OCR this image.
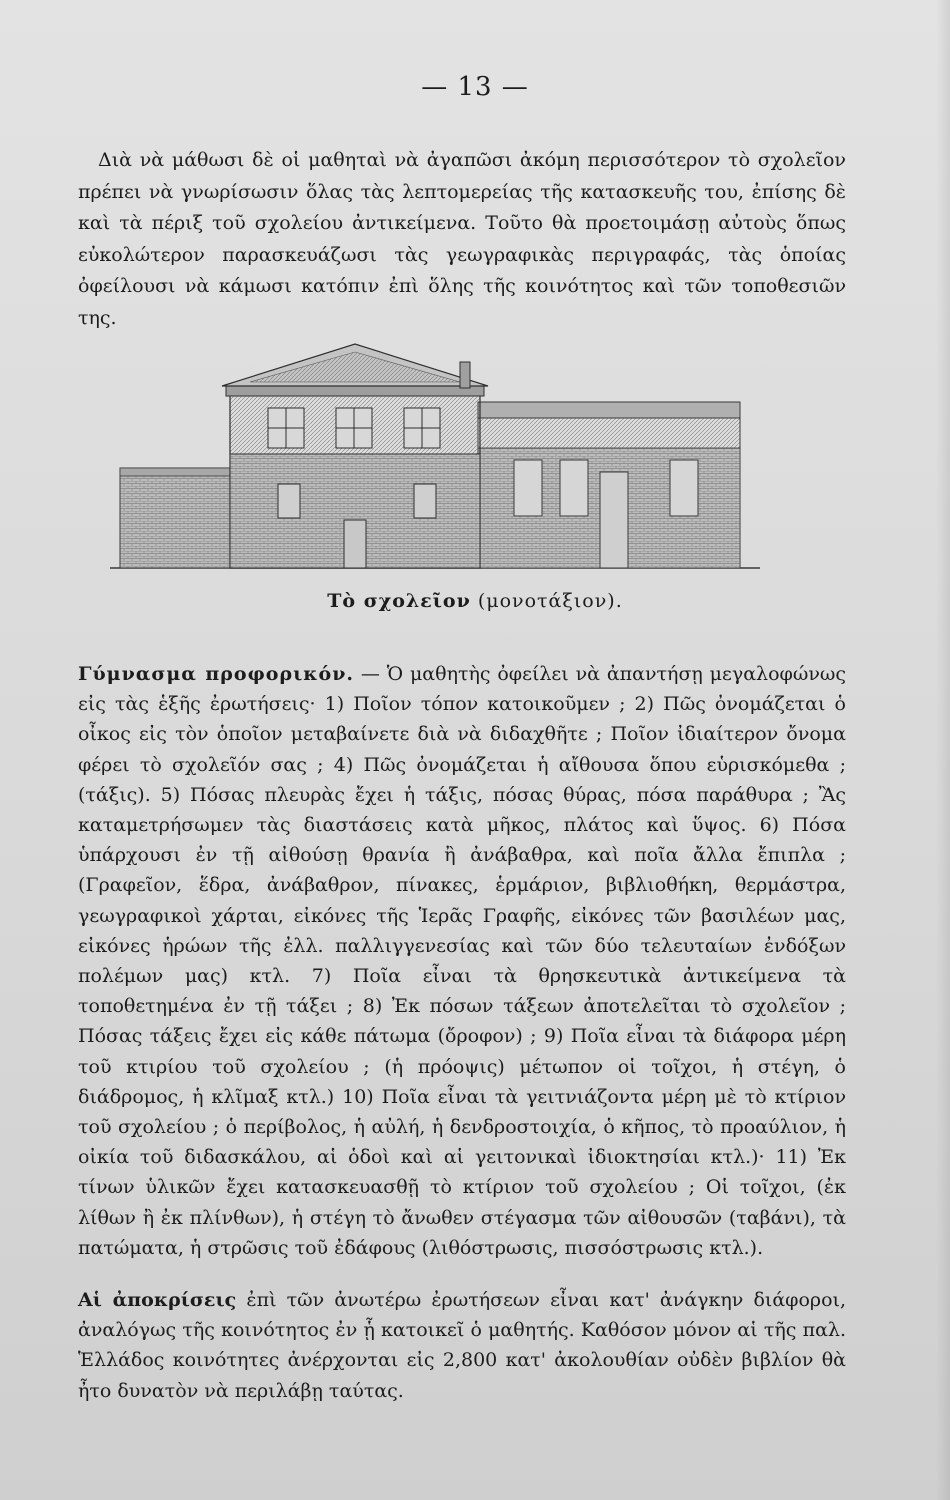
— 13 —

Διὰ νὰ μάθωσι δὲ οἱ μαθηταὶ νὰ ἀγαπῶσι ἀκόμη περισσότερον τὸ σχολεῖον πρέπει νὰ γνωρίσωσιν ὅλας τὰς λεπτομερείας τῆς κατασκευῆς του, ἐπίσης δὲ καὶ τὰ πέριξ τοῦ σχολείου ἀντικείμενα. Τοῦτο θὰ προετοιμάσῃ αὐτοὺς ὅπως εὐκολώτερον παρασκευάζωσι τὰς γεωγραφικὰς περιγραφάς, τὰς ὁποίας ὀφείλουσι νὰ κάμωσι κατόπιν ἐπὶ ὅλης τῆς κοινότητος καὶ τῶν τοποθεσιῶν της.

Τὸ σχολεῖον (μονοτάξιον).

Γύμνασμα προφορικόν. — Ὁ μαθητὴς ὀφείλει νὰ ἀπαντήσῃ μεγαλοφώνως εἰς τὰς ἑξῆς ἐρωτήσεις· 1) Ποῖον τόπον κατοικοῦμεν ; 2) Πῶς ὀνομάζεται ὁ οἶκος εἰς τὸν ὁποῖον μεταβαίνετε διὰ νὰ διδαχθῆτε ; Ποῖον ἰδιαίτερον ὄνομα φέρει τὸ σχολεῖόν σας ; 4) Πῶς ὀνομάζεται ἡ αἴθουσα ὅπου εὑρισκόμεθα ; (τάξις). 5) Πόσας πλευρὰς ἔχει ἡ τάξις, πόσας θύρας, πόσα παράθυρα ; Ἂς καταμετρήσωμεν τὰς διαστάσεις κατὰ μῆκος, πλάτος καὶ ὕψος. 6) Πόσα ὑπάρχουσι ἐν τῇ αἰθούσῃ θρανία ἢ ἀνάβαθρα, καὶ ποῖα ἄλλα ἔπιπλα ; (Γραφεῖον, ἕδρα, ἀνάβαθρον, πίνακες, ἑρμάριον, βιβλιοθήκη, θερμάστρα, γεωγραφικοὶ χάρται, εἰκόνες τῆς Ἱερᾶς Γραφῆς, εἰκόνες τῶν βασιλέων μας, εἰκόνες ἡρώων τῆς ἐλλ. παλλιγγενεσίας καὶ τῶν δύο τελευταίων ἐνδόξων πολέμων μας) κτλ. 7) Ποῖα εἶναι τὰ θρησκευτικὰ ἀντικείμενα τὰ τοποθετημένα ἐν τῇ τάξει ; 8) Ἐκ πόσων τάξεων ἀποτελεῖται τὸ σχολεῖον ; Πόσας τάξεις ἔχει εἰς κάθε πάτωμα (ὄροφον) ; 9) Ποῖα εἶναι τὰ διάφορα μέρη τοῦ κτιρίου τοῦ σχολείου ; (ἡ πρόοψις) μέτωπον οἱ τοῖχοι, ἡ στέγη, ὁ διάδρομος, ἡ κλῖμαξ κτλ.) 10) Ποῖα εἶναι τὰ γειτνιάζοντα μέρη μὲ τὸ κτίριον τοῦ σχολείου ; ὁ περίβολος, ἡ αὐλή, ἡ δενδροστοιχία, ὁ κῆπος, τὸ προαύλιον, ἡ οἰκία τοῦ διδασκάλου, αἱ ὁδοὶ καὶ αἱ γειτονικαὶ ἰδιοκτησίαι κτλ.)· 11) Ἐκ τίνων ὑλικῶν ἔχει κατασκευασθῇ τὸ κτίριον τοῦ σχολείου ; Οἱ τοῖχοι, (ἐκ λίθων ἢ ἐκ πλίνθων), ἡ στέγη τὸ ἄνωθεν στέγασμα τῶν αἰθουσῶν (ταβάνι), τὰ πατώματα, ἡ στρῶσις τοῦ ἐδάφους (λιθόστρωσις, πισσόστρωσις κτλ.).

Αἱ ἀποκρίσεις ἐπὶ τῶν ἀνωτέρω ἐρωτήσεων εἶναι κατ' ἀνάγκην διάφοροι, ἀναλόγως τῆς κοινότητος ἐν ᾗ κατοικεῖ ὁ μαθητής. Καθόσον μόνον αἱ τῆς παλ. Ἑλλάδος κοινότητες ἀνέρχονται εἰς 2,800 κατ' ἀκολουθίαν οὐδὲν βιβλίον θὰ ἦτο δυνατὸν νὰ περιλάβῃ ταύτας.
